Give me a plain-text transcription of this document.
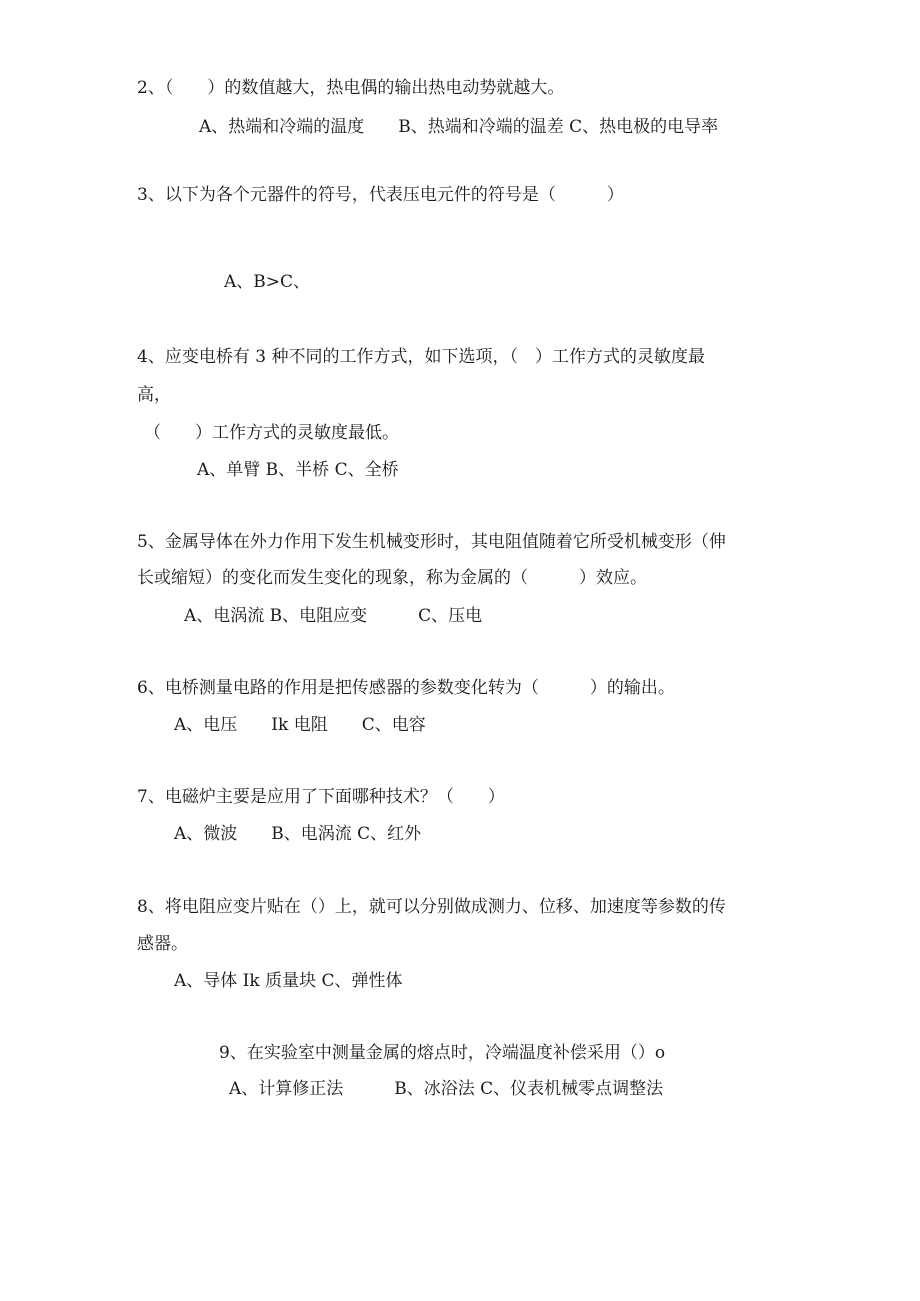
2、（　　）的数值越大，热电偶的输出热电动势就越大。
A、热端和冷端的温度　　B、热端和冷端的温差 C、热电极的电导率
3、以下为各个元器件的符号，代表压电元件的符号是（　　　）
A、B>C、
4、应变电桥有 3 种不同的工作方式，如下选项，（　）工作方式的灵敏度最
高，
（　　）工作方式的灵敏度最低。
A、单臂 B、半桥 C、全桥
5、金属导体在外力作用下发生机械变形时，其电阻值随着它所受机械变形（伸
长或缩短）的变化而发生变化的现象，称为金属的（　　　）效应。
A、电涡流 B、电阻应变　　　C、压电
6、电桥测量电路的作用是把传感器的参数变化转为（　　　）的输出。
A、电压　　Ik 电阻　　C、电容
7、电磁炉主要是应用了下面哪种技术？（　　）
A、微波　　B、电涡流 C、红外
8、将电阻应变片贴在（）上，就可以分别做成测力、位移、加速度等参数的传
感器。
A、导体 Ik 质量块 C、弹性体
9、在实验室中测量金属的熔点时，冷端温度补偿采用（）o
A、计算修正法　　　B、冰浴法 C、仪表机械零点调整法
